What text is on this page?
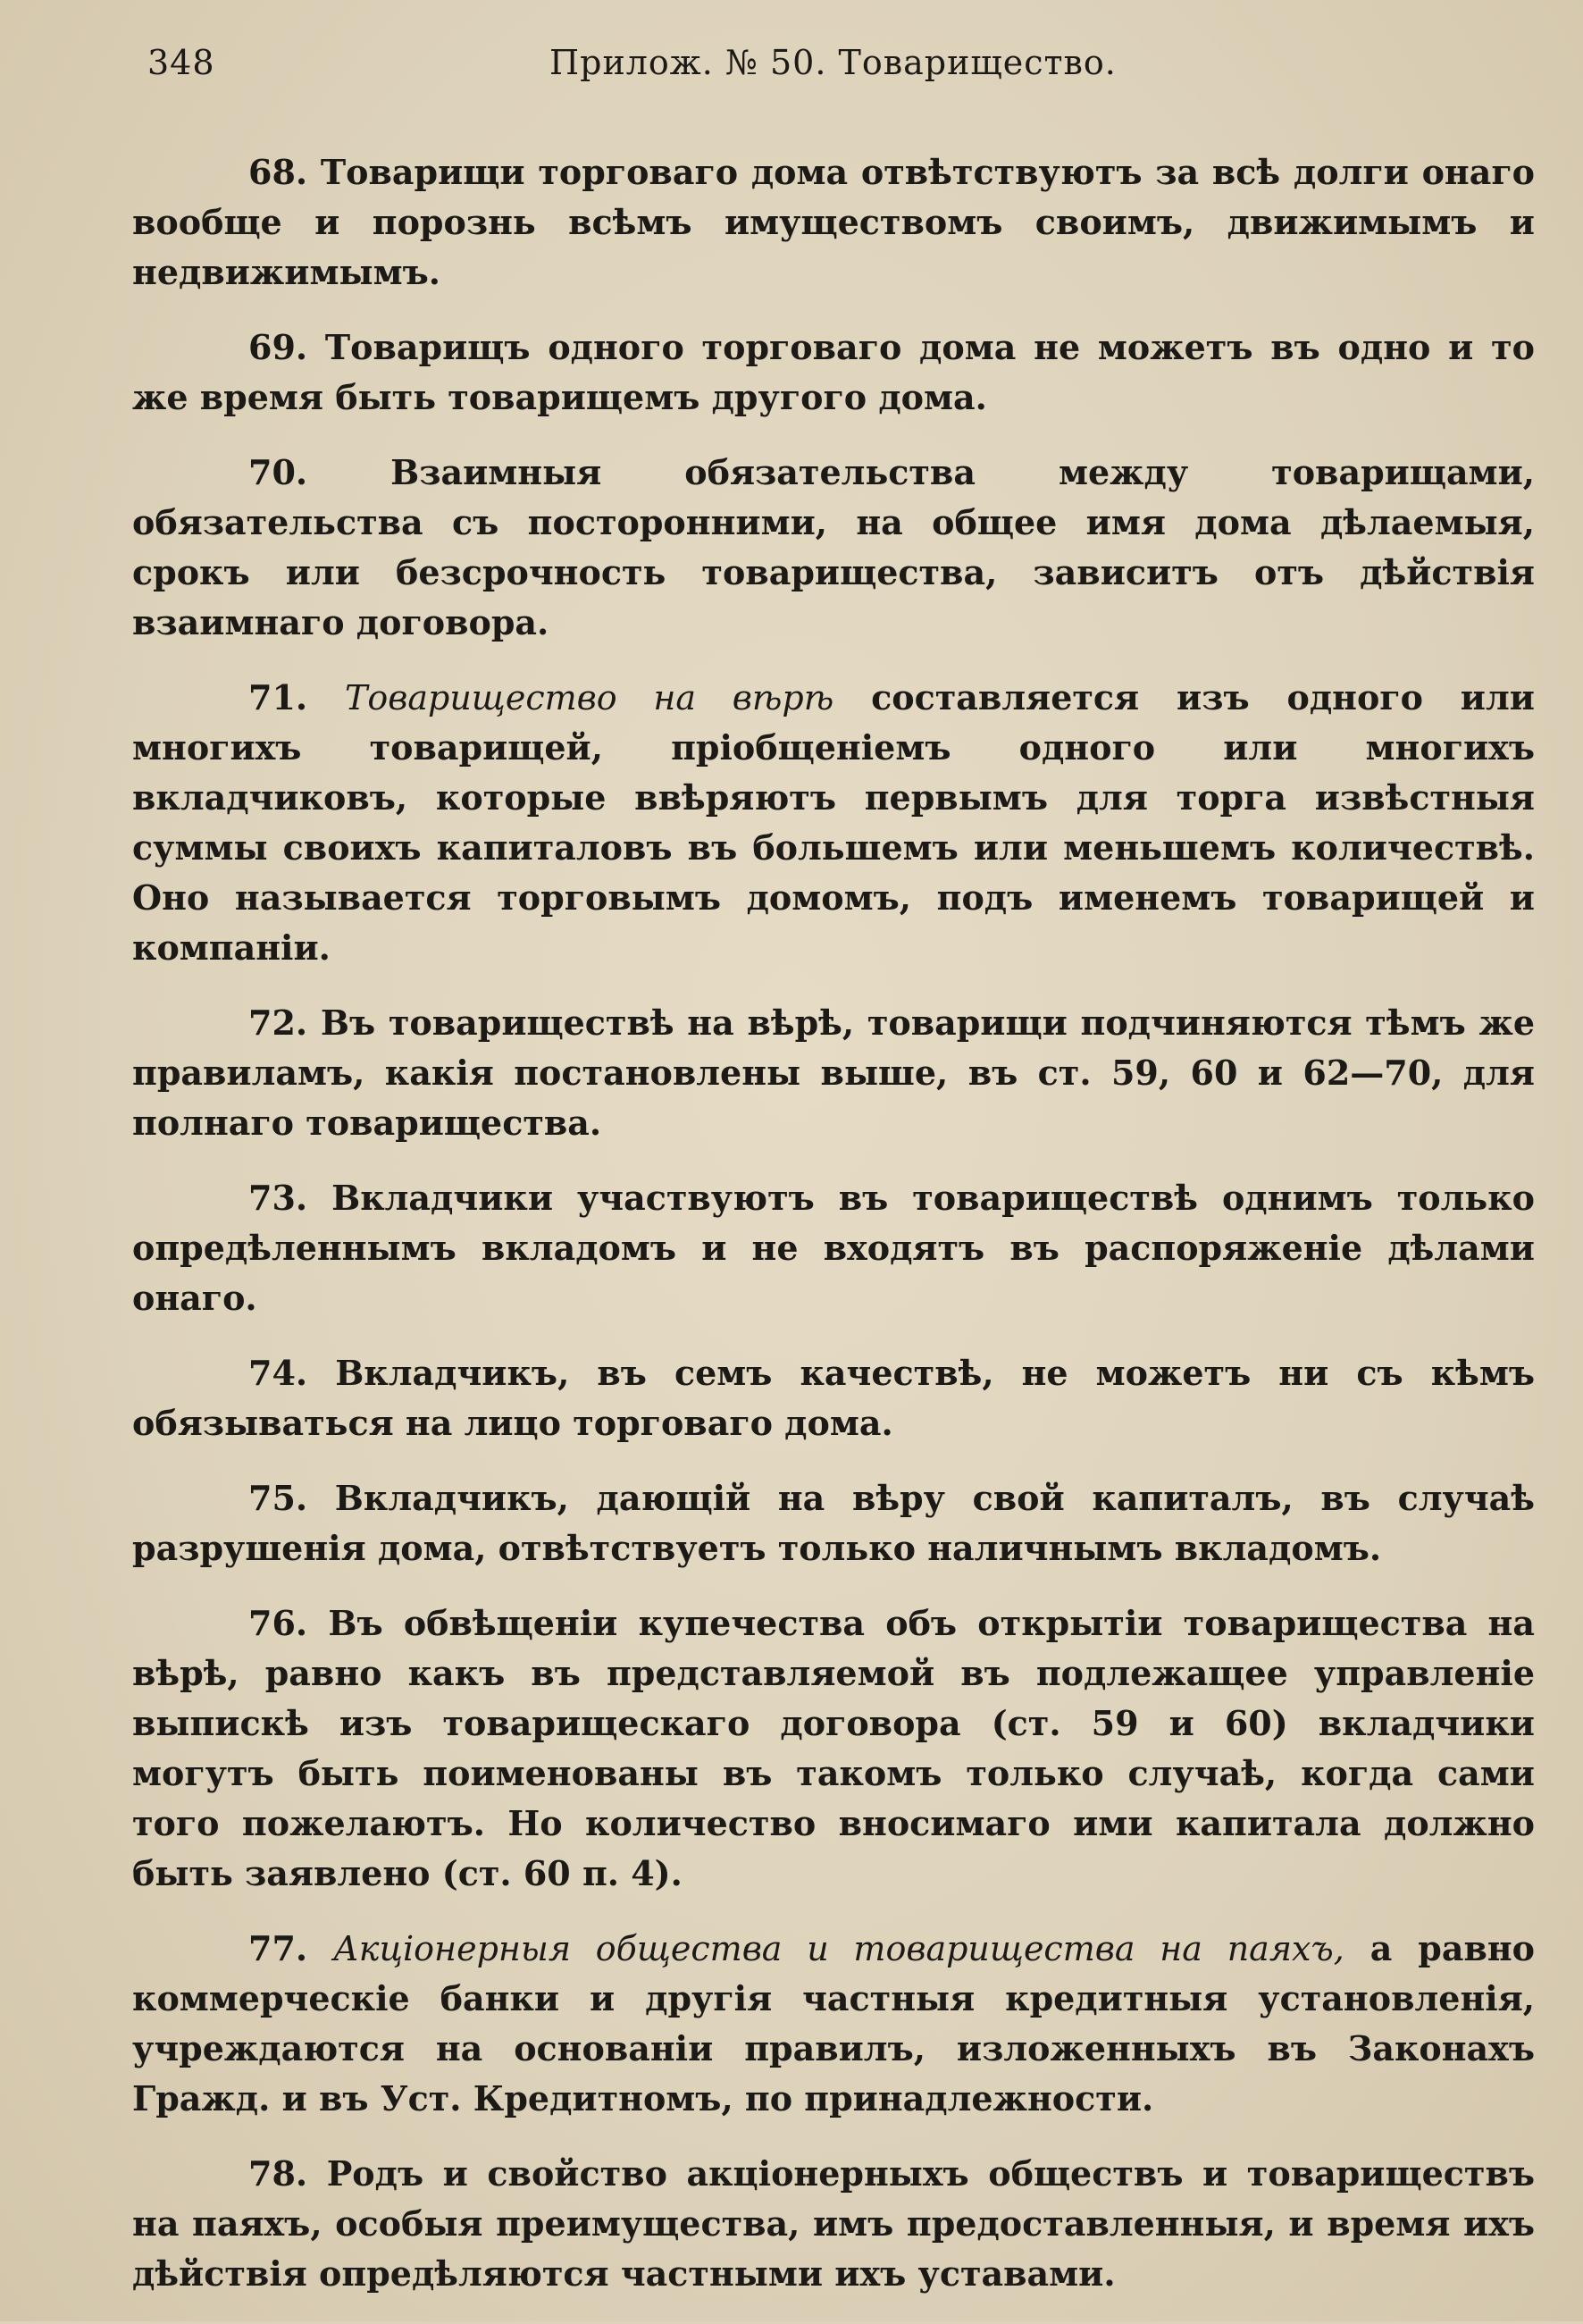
348	Прилож. № 50. Товарищество.

68. Товарищи торговаго дома отвѣтствуютъ за всѣ долги онаго вообще и порознь всѣмъ имуществомъ своимъ, движимымъ и недвижимымъ.

69. Товарищъ одного торговаго дома не можетъ въ одно и то же время быть товарищемъ другого дома.

70. Взаимныя обязательства между товарищами, обязательства съ посторонними, на общее имя дома дѣлаемыя, срокъ или безсрочность товарищества, зависитъ отъ дѣйствія взаимнаго договора.

71. Товарищество на вѣрѣ составляется изъ одного или многихъ товарищей, пріобщеніемъ одного или многихъ вкладчиковъ, которые ввѣряютъ первымъ для торга извѣстныя суммы своихъ капиталовъ въ большемъ или меньшемъ количествѣ. Оно называется торговымъ домомъ, подъ именемъ товарищей и компаніи.

72. Въ товариществѣ на вѣрѣ, товарищи подчиняются тѣмъ же правиламъ, какія постановлены выше, въ ст. 59, 60 и 62—70, для полнаго товарищества.

73. Вкладчики участвуютъ въ товариществѣ однимъ только опредѣленнымъ вкладомъ и не входятъ въ распоряженіе дѣлами онаго.

74. Вкладчикъ, въ семъ качествѣ, не можетъ ни съ кѣмъ обязываться на лицо торговаго дома.

75. Вкладчикъ, дающій на вѣру свой капиталъ, въ случаѣ разрушенія дома, отвѣтствуетъ только наличнымъ вкладомъ.

76. Въ обвѣщеніи купечества объ открытіи товарищества на вѣрѣ, равно какъ въ представляемой въ подлежащее управленіе выпискѣ изъ товарищескаго договора (ст. 59 и 60) вкладчики могутъ быть поименованы въ такомъ только случаѣ, когда сами того пожелаютъ. Но количество вносимаго ими капитала должно быть заявлено (ст. 60 п. 4).

77. Акціонерныя общества и товарищества на паяхъ, а равно коммерческіе банки и другія частныя кредитныя установленія, учреждаются на основаніи правилъ, изложенныхъ въ Законахъ Гражд. и въ Уст. Кредитномъ, по принадлежности.

78. Родъ и свойство акціонерныхъ обществъ и товариществъ на паяхъ, особыя преимущества, имъ предоставленныя, и время ихъ дѣйствія опредѣляются частными ихъ уставами.
